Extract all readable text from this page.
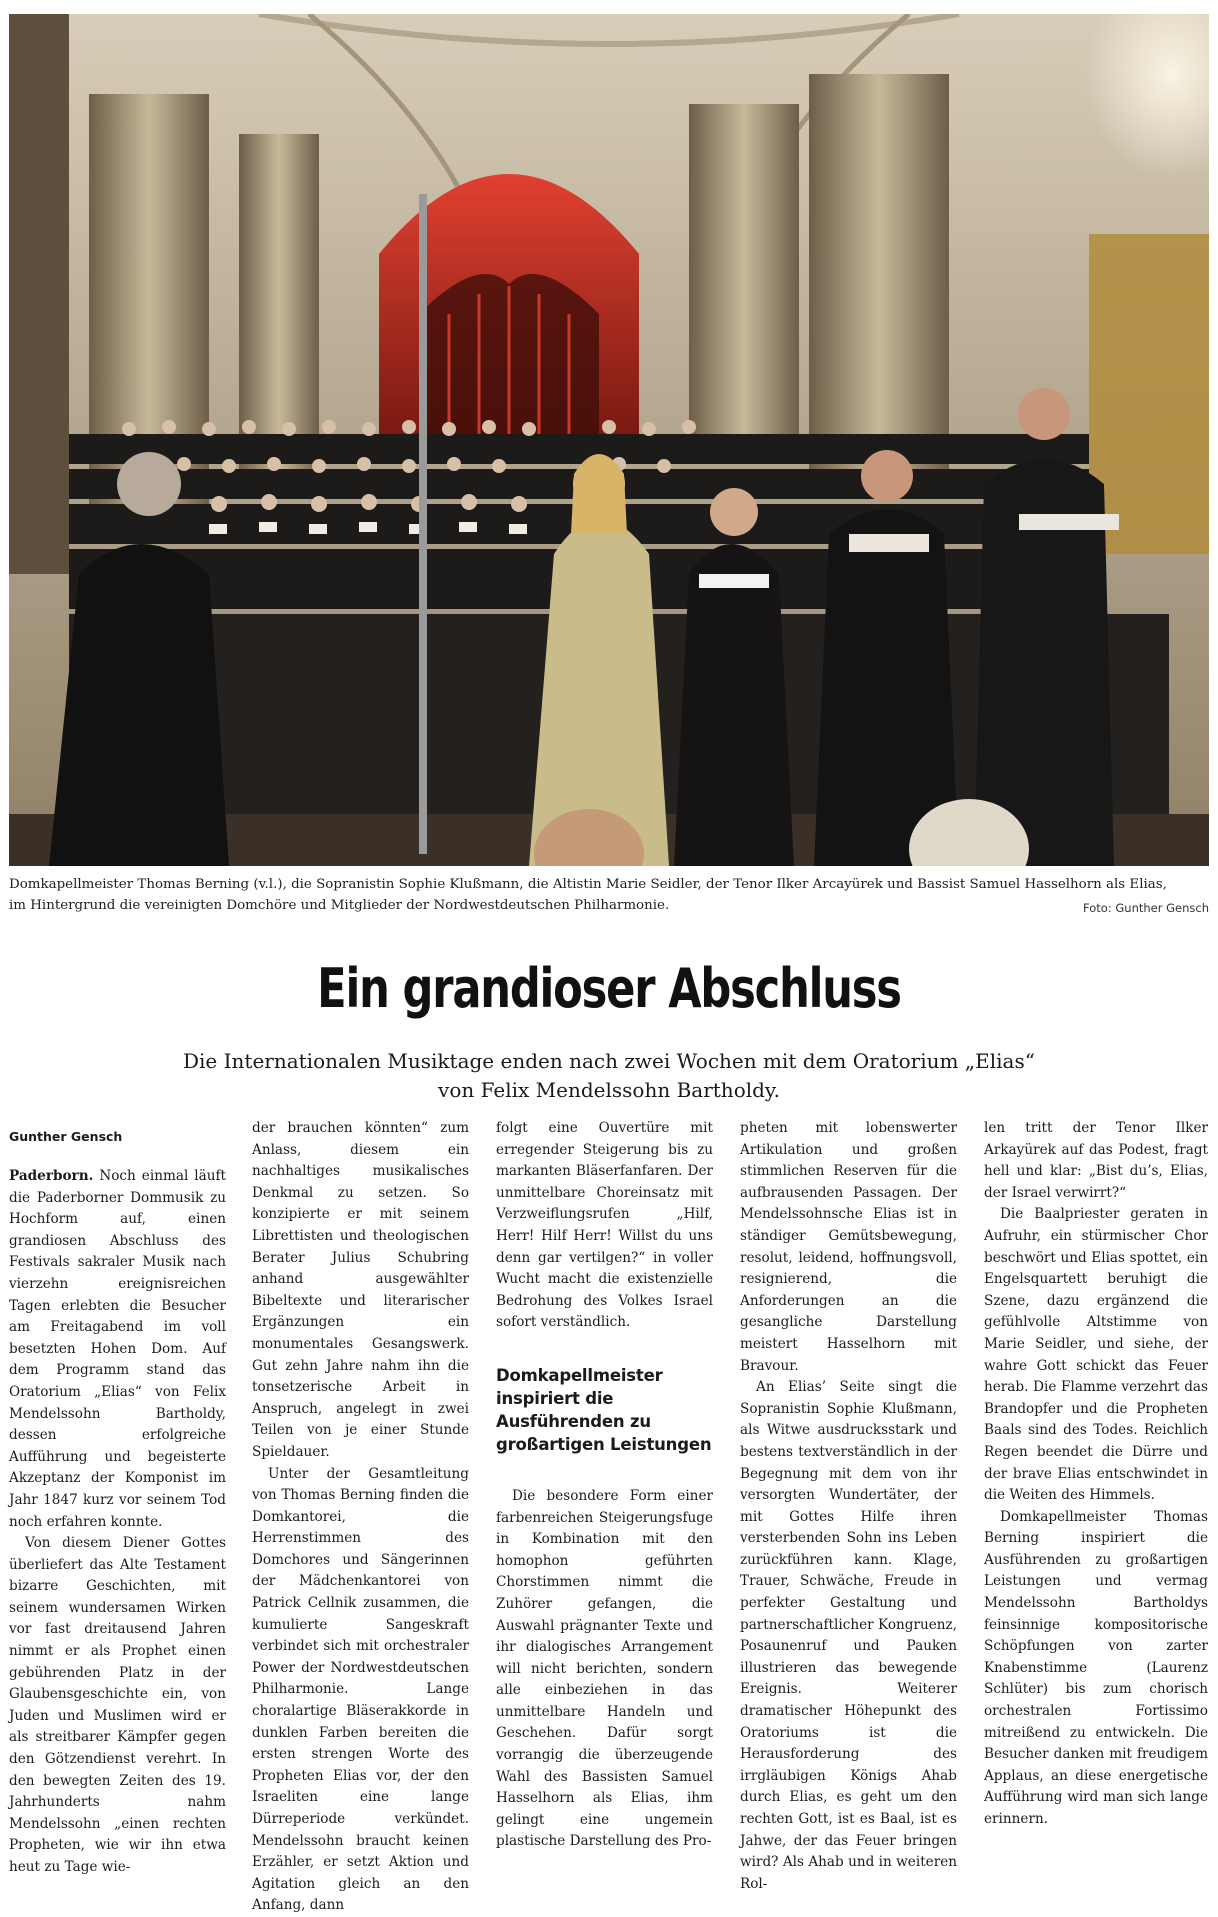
Domkapellmeister Thomas Berning (v.l.), die Sopranistin Sophie Klußmann, die Altistin Marie Seidler, der Tenor Ilker Arcayürek und Bassist Samuel Hasselhorn als Elias,
im Hintergrund die vereinigten Domchöre und Mitglieder der Nordwestdeutschen Philharmonie.	Foto: Gunther Gensch
Ein grandioser Abschluss
Die Internationalen Musiktage enden nach zwei Wochen mit dem Oratorium „Elias“
von Felix Mendelssohn Bartholdy.

Gunther Gensch

Paderborn. Noch einmal läuft die Paderborner Dommusik zu Hochform auf, einen grandiosen Abschluss des Festivals sakraler Musik nach vierzehn ereignisreichen Tagen erlebten die Besucher am Freitagabend im voll besetzten Hohen Dom. Auf dem Programm stand das Oratorium „Elias“ von Felix Mendelssohn Bartholdy, dessen erfolgreiche Aufführung und begeisterte Akzeptanz der Komponist im Jahr 1847 kurz vor seinem Tod noch erfahren konnte.

Von diesem Diener Gottes überliefert das Alte Testament bizarre Geschichten, mit seinem wundersamen Wirken vor fast dreitausend Jahren nimmt er als Prophet einen gebührenden Platz in der Glaubensgeschichte ein, von Juden und Muslimen wird er als streitbarer Kämpfer gegen den Götzendienst verehrt. In den bewegten Zeiten des 19. Jahrhunderts nahm Mendelssohn „einen rechten Propheten, wie wir ihn etwa heut zu Tage wie-

der brauchen könnten“ zum Anlass, diesem ein nachhaltiges musikalisches Denkmal zu setzen. So konzipierte er mit seinem Librettisten und theologischen Berater Julius Schubring anhand ausgewählter Bibeltexte und literarischer Ergänzungen ein monumentales Gesangswerk. Gut zehn Jahre nahm ihn die tonsetzerische Arbeit in Anspruch, angelegt in zwei Teilen von je einer Stunde Spieldauer.

Unter der Gesamtleitung von Thomas Berning finden die Domkantorei, die Herrenstimmen des Domchores und Sängerinnen der Mädchenkantorei von Patrick Cellnik zusammen, die kumulierte Sangeskraft verbindet sich mit orchestraler Power der Nordwestdeutschen Philharmonie. Lange choralartige Bläserakkorde in dunklen Farben bereiten die ersten strengen Worte des Propheten Elias vor, der den Israeliten eine lange Dürreperiode verkündet. Mendelssohn braucht keinen Erzähler, er setzt Aktion und Agitation gleich an den Anfang, dann

folgt eine Ouvertüre mit erregender Steigerung bis zu markanten Bläserfanfaren. Der unmittelbare Choreinsatz mit Verzweiflungsrufen „Hilf, Herr! Hilf Herr! Willst du uns denn gar vertilgen?“ in voller Wucht macht die existenzielle Bedrohung des Volkes Israel sofort verständlich.

Domkapellmeister inspiriert die Ausführenden zu großartigen Leistungen

Die besondere Form einer farbenreichen Steigerungsfuge in Kombination mit den homophon geführten Chorstimmen nimmt die Zuhörer gefangen, die Auswahl prägnanter Texte und ihr dialogisches Arrangement will nicht berichten, sondern alle einbeziehen in das unmittelbare Handeln und Geschehen. Dafür sorgt vorrangig die überzeugende Wahl des Bassisten Samuel Hasselhorn als Elias, ihm gelingt eine ungemein plastische Darstellung des Pro-

pheten mit lobenswerter Artikulation und großen stimmlichen Reserven für die aufbrausenden Passagen. Der Mendelssohnsche Elias ist in ständiger Gemütsbewegung, resolut, leidend, hoffnungsvoll, resignierend, die Anforderungen an die gesangliche Darstellung meistert Hasselhorn mit Bravour.

An Elias’ Seite singt die Sopranistin Sophie Klußmann, als Witwe ausdrucksstark und bestens textverständlich in der Begegnung mit dem von ihr versorgten Wundertäter, der mit Gottes Hilfe ihren versterbenden Sohn ins Leben zurückführen kann. Klage, Trauer, Schwäche, Freude in perfekter Gestaltung und partnerschaftlicher Kongruenz, Posaunenruf und Pauken illustrieren das bewegende Ereignis. Weiterer dramatischer Höhepunkt des Oratoriums ist die Herausforderung des irrgläubigen Königs Ahab durch Elias, es geht um den rechten Gott, ist es Baal, ist es Jahwe, der das Feuer bringen wird? Als Ahab und in weiteren Rol-

len tritt der Tenor Ilker Arkayürek auf das Podest, fragt hell und klar: „Bist du’s, Elias, der Israel verwirrt?“

Die Baalpriester geraten in Aufruhr, ein stürmischer Chor beschwört und Elias spottet, ein Engelsquartett beruhigt die Szene, dazu ergänzend die gefühlvolle Altstimme von Marie Seidler, und siehe, der wahre Gott schickt das Feuer herab. Die Flamme verzehrt das Brandopfer und die Propheten Baals sind des Todes. Reichlich Regen beendet die Dürre und der brave Elias entschwindet in die Weiten des Himmels.

Domkapellmeister Thomas Berning inspiriert die Ausführenden zu großartigen Leistungen und vermag Mendelssohn Bartholdys feinsinnige kompositorische Schöpfungen von zarter Knabenstimme (Laurenz Schlüter) bis zum chorisch orchestralen Fortissimo mitreißend zu entwickeln. Die Besucher danken mit freudigem Applaus, an diese energetische Aufführung wird man sich lange erinnern.
